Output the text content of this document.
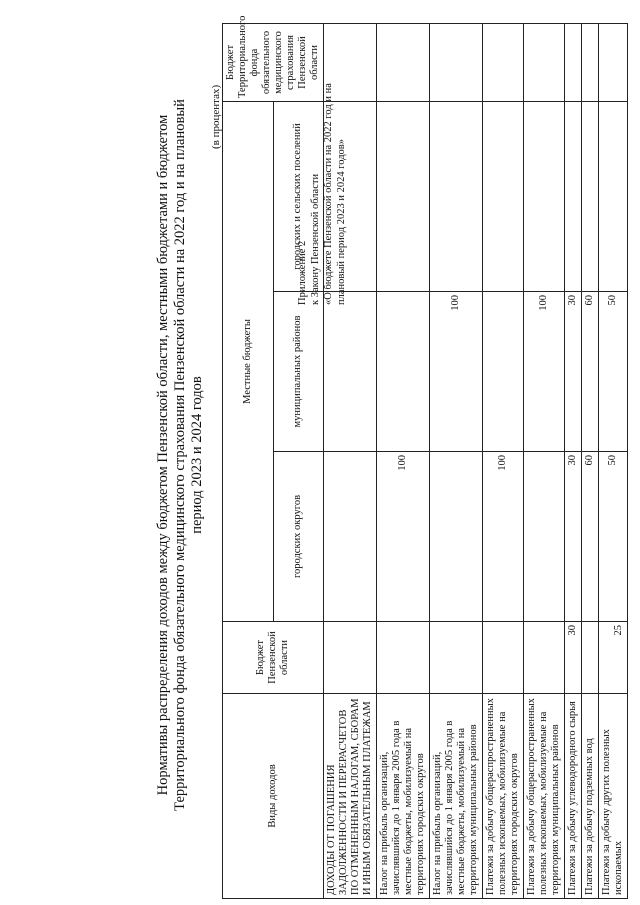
Приложение 2 к Закону Пензенской области «О бюджете Пензенской области на 2022 год и на плановый период 2023 и 2024 годов»
Нормативы распределения доходов между бюджетом Пензенской области, местными бюджетами и бюджетом Территориального фонда обязательного медицинского страхования Пензенской области на 2022 год и на плановый период 2023 и 2024 годов
(в процентах)
Виды доходов	Бюджет Пензенской области	Местные бюджеты			Бюджет Территориального фонда обязательного медицинского страхования Пензенской области
		городских округов	муниципальных районов	городских и сельских поселений	
ДОХОДЫ ОТ ПОГАШЕНИЯ ЗАДОЛЖЕННОСТИ И ПЕРЕРАСЧЕТОВ ПО ОТМЕНЕННЫМ НАЛОГАМ, СБОРАМ И ИНЫМ ОБЯЗАТЕЛЬНЫМ ПЛАТЕЖАМ					
Налог на прибыль организаций, зачислявшийся до 1 января 2005 года в местные бюджеты, мобилизуемый на территориях городских округов		100			
Налог на прибыль организаций, зачислявшийся до 1 января 2005 года в местные бюджеты, мобилизуемый на территориях муниципальных районов			100		
Платежи за добычу общераспространенных полезных ископаемых, мобилизуемые на территориях городских округов		100			
Платежи за добычу общераспространенных полезных ископаемых, мобилизуемые на территориях муниципальных районов			100		
Платежи за добычу углеводородного сырья	30	30	30		
Платежи за добычу подземных вод		60	60		
Платежи за добычу других полезных ископаемых	25	50	50		
